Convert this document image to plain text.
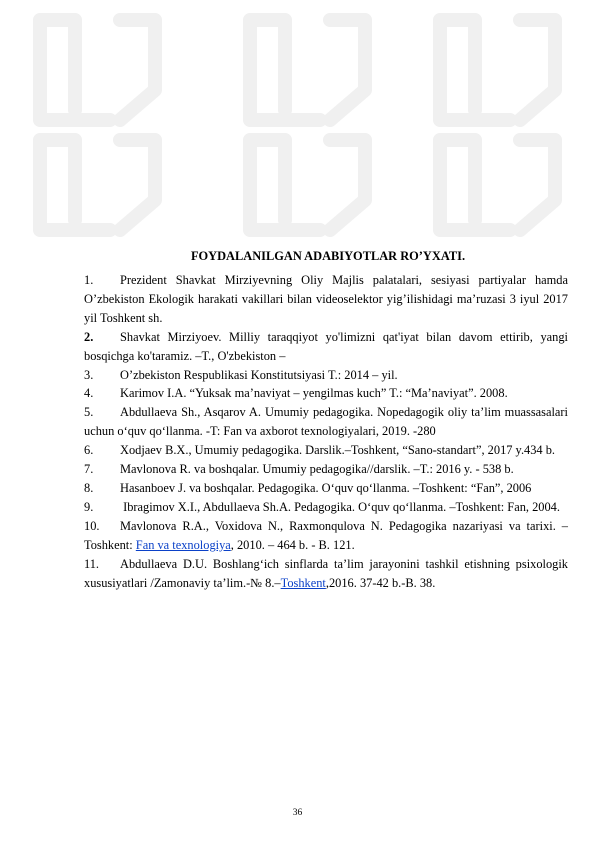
FOYDALANILGAN ADABIYOTLAR RO’YXATI.
1. Prezident Shavkat Mirziyevning Oliy Majlis palatalari, sesiyasi partiyalar hamda O’zbekiston Ekologik harakati vakillari bilan videoselektor yig’ilishidagi ma’ruzasi 3 iyul 2017 yil Toshkent sh.
2. Shavkat Mirziyoev. Milliy taraqqiyot yo'limizni qat'iyat bilan davom ettirib, yangi bosqichga ko'taramiz. –T., O'zbekiston –
3. O’zbekiston Respublikasi Konstitutsiyasi T.: 2014 – yil.
4. Karimov I.A. “Yuksak ma’naviyat – yengilmas kuch” T.: “Ma’naviyat”. 2008.
5. Abdullaeva Sh., Asqarov A. Umumiy pedagogika. Nopedagogik oliy ta’lim muassasalari uchun o‘quv qo‘llanma. -T: Fan va axborot texnologiyalari, 2019. -280
6. Xodjaev B.X., Umumiy pedagogika. Darslik.–Toshkent, “Sano-standart”, 2017 y.434 b.
7. Mavlonova R. va boshqalar. Umumiy pedagogika//darslik. –T.: 2016 y. - 538 b.
8. Hasanboev J. va boshqalar. Pedagogika. O‘quv qo‘llanma. –Toshkent: “Fan”, 2006
9. Ibragimov X.I., Abdullaeva Sh.A. Pedagogika. O‘quv qo‘llanma. –Toshkent: Fan, 2004.
10. Mavlonova R.A., Voxidova N., Raxmonqulova N. Pedagogika nazariyasi va tarixi. – Toshkent: Fan va texnologiya, 2010. – 464 b. - B. 121.
11. Abdullaeva D.U. Boshlang‘ich sinflarda ta’lim jarayonini tashkil etishning psixologik xususiyatlari /Zamonaviy ta’lim.-№ 8.–Toshkent,2016. 37-42 b.-B. 38.
36
